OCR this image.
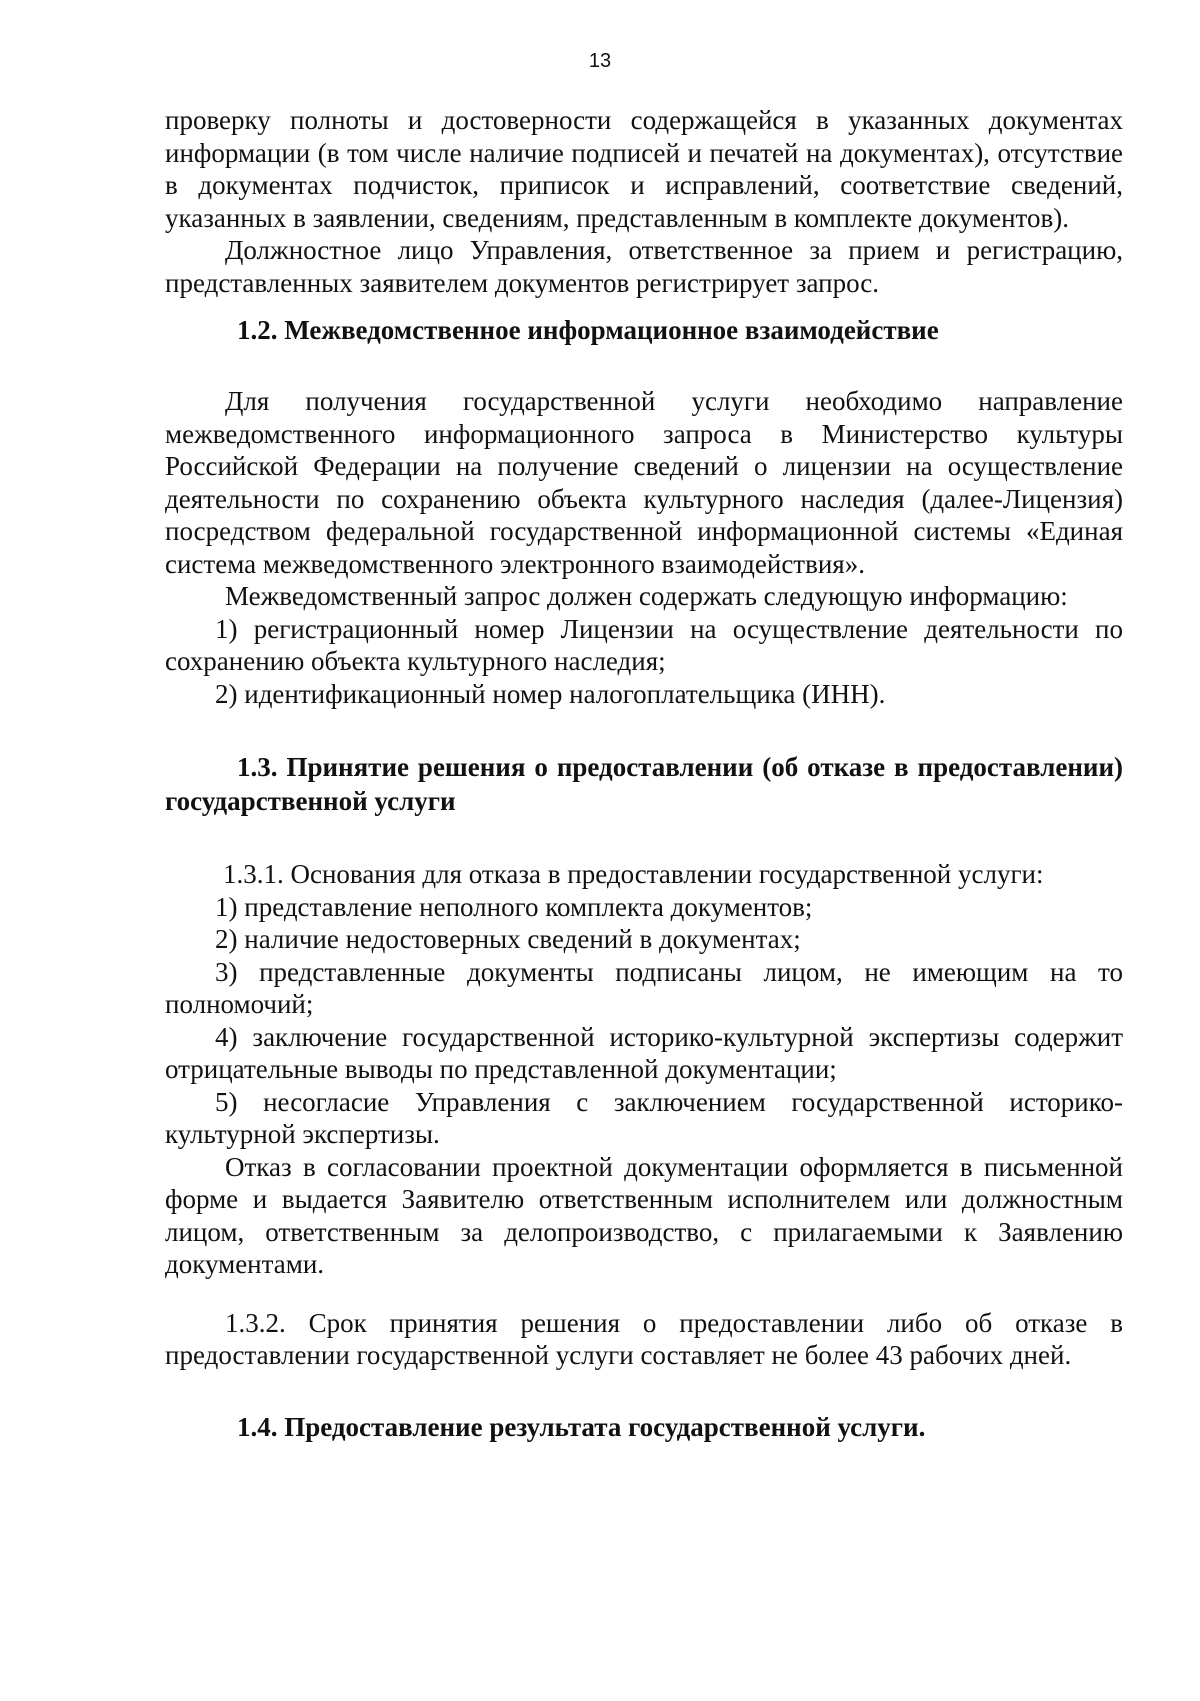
13

проверку полноты и достоверности содержащейся в указанных документах информации (в том числе наличие подписей и печатей на документах), отсутствие в документах подчисток, приписок и исправлений, соответствие сведений, указанных в заявлении, сведениям, представленным в комплекте документов).

Должностное лицо Управления, ответственное за прием и регистрацию, представленных заявителем документов регистрирует запрос.

1.2. Межведомственное информационное взаимодействие

Для получения государственной услуги необходимо направление межведомственного информационного запроса в Министерство культуры Российской Федерации на получение сведений о лицензии на осуществление деятельности по сохранению объекта культурного наследия (далее-Лицензия) посредством федеральной государственной информационной системы «Единая система межведомственного электронного взаимодействия».

Межведомственный запрос должен содержать следующую информацию:

1) регистрационный номер Лицензии на осуществление деятельности по сохранению объекта культурного наследия;

2) идентификационный номер налогоплательщика (ИНН).

1.3. Принятие решения о предоставлении (об отказе в предоставлении) государственной услуги

1.3.1. Основания для отказа в предоставлении государственной услуги:

1) представление неполного комплекта документов;

2) наличие недостоверных сведений в документах;

3) представленные документы подписаны лицом, не имеющим на то полномочий;

4) заключение государственной историко-культурной экспертизы содержит отрицательные выводы по представленной документации;

5) несогласие Управления с заключением государственной историко-культурной экспертизы.

Отказ в согласовании проектной документации оформляется в письменной форме и выдается Заявителю ответственным исполнителем или должностным лицом, ответственным за делопроизводство, с прилагаемыми к Заявлению документами.

1.3.2. Срок принятия решения о предоставлении либо об отказе в предоставлении государственной услуги составляет не более 43 рабочих дней.

1.4. Предоставление результата государственной услуги.
